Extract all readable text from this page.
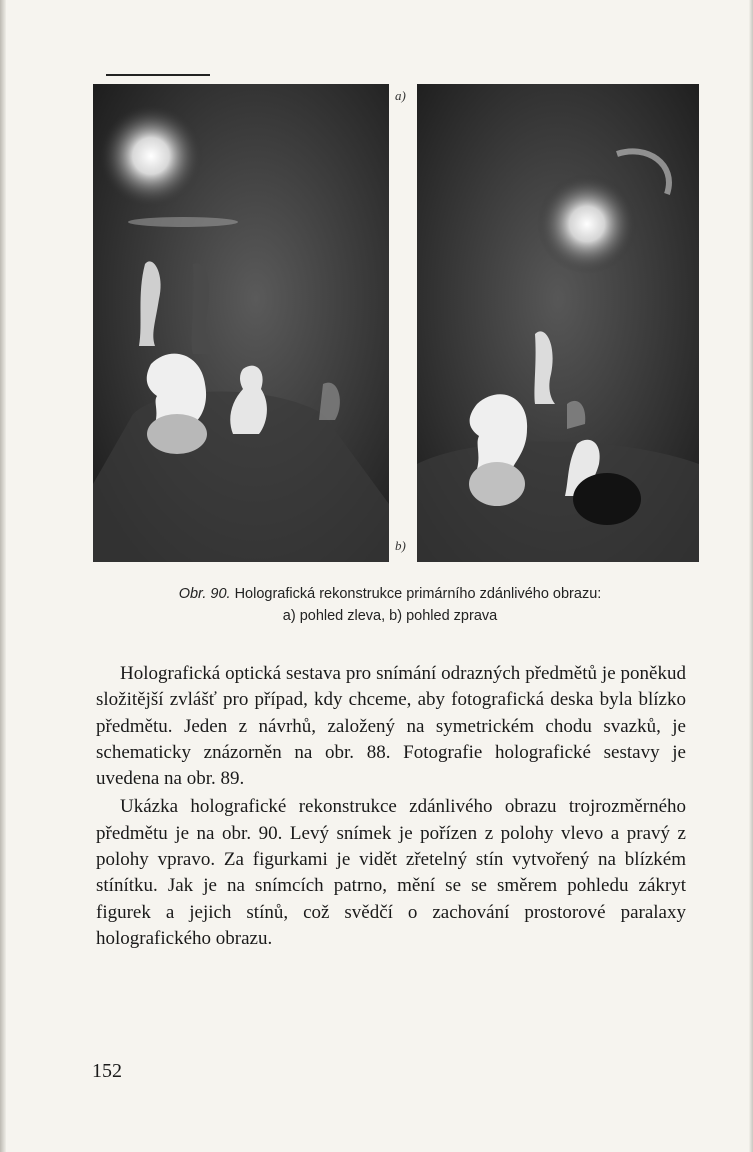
a)
b)
Obr. 90. Holografická rekonstrukce primárního zdánlivého obrazu:
a) pohled zleva, b) pohled zprava

Holografická optická sestava pro snímání odrazných předmětů je poněkud složitější zvlášť pro případ, kdy chceme, aby fotografická deska byla blízko předmětu. Jeden z návrhů, založený na symetrickém chodu svazků, je schematicky znázorněn na obr. 88. Fotografie holografické sestavy je uvedena na obr. 89.

Ukázka holografické rekonstrukce zdánlivého obrazu trojrozměrného předmětu je na obr. 90. Levý snímek je pořízen z polohy vlevo a pravý z polohy vpravo. Za figurkami je vidět zřetelný stín vytvořený na blízkém stínítku. Jak je na snímcích patrno, mění se se směrem pohledu zákryt figurek a jejich stínů, což svědčí o zachování prostorové paralaxy holografického obrazu.

152
